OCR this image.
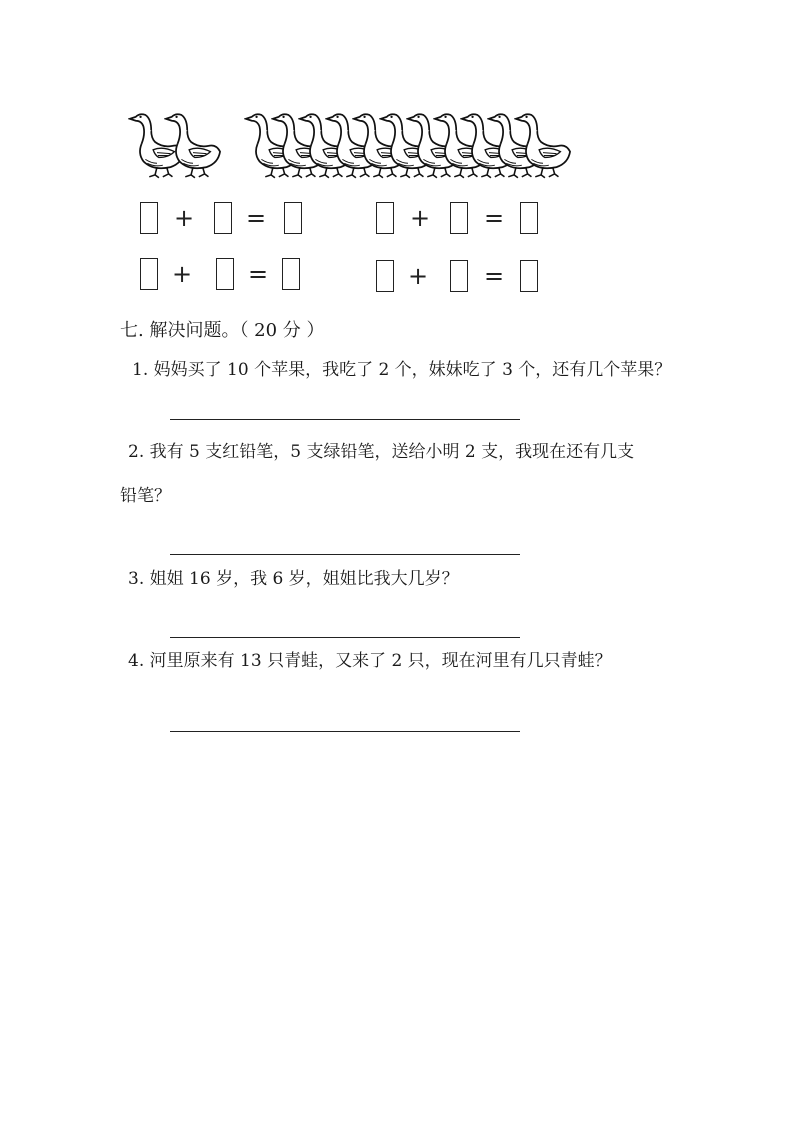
+ =	+ =
+ =	+ =
七. 解决问题。（ 20 分 ）
1. 妈妈买了 10 个苹果，我吃了 2 个，妹妹吃了 3 个，还有几个苹果？
2. 我有 5 支红铅笔，5 支绿铅笔，送给小明 2 支，我现在还有几支
铅笔？
3. 姐姐 16 岁，我 6 岁，姐姐比我大几岁？
4. 河里原来有 13 只青蛙，又来了 2 只，现在河里有几只青蛙？
